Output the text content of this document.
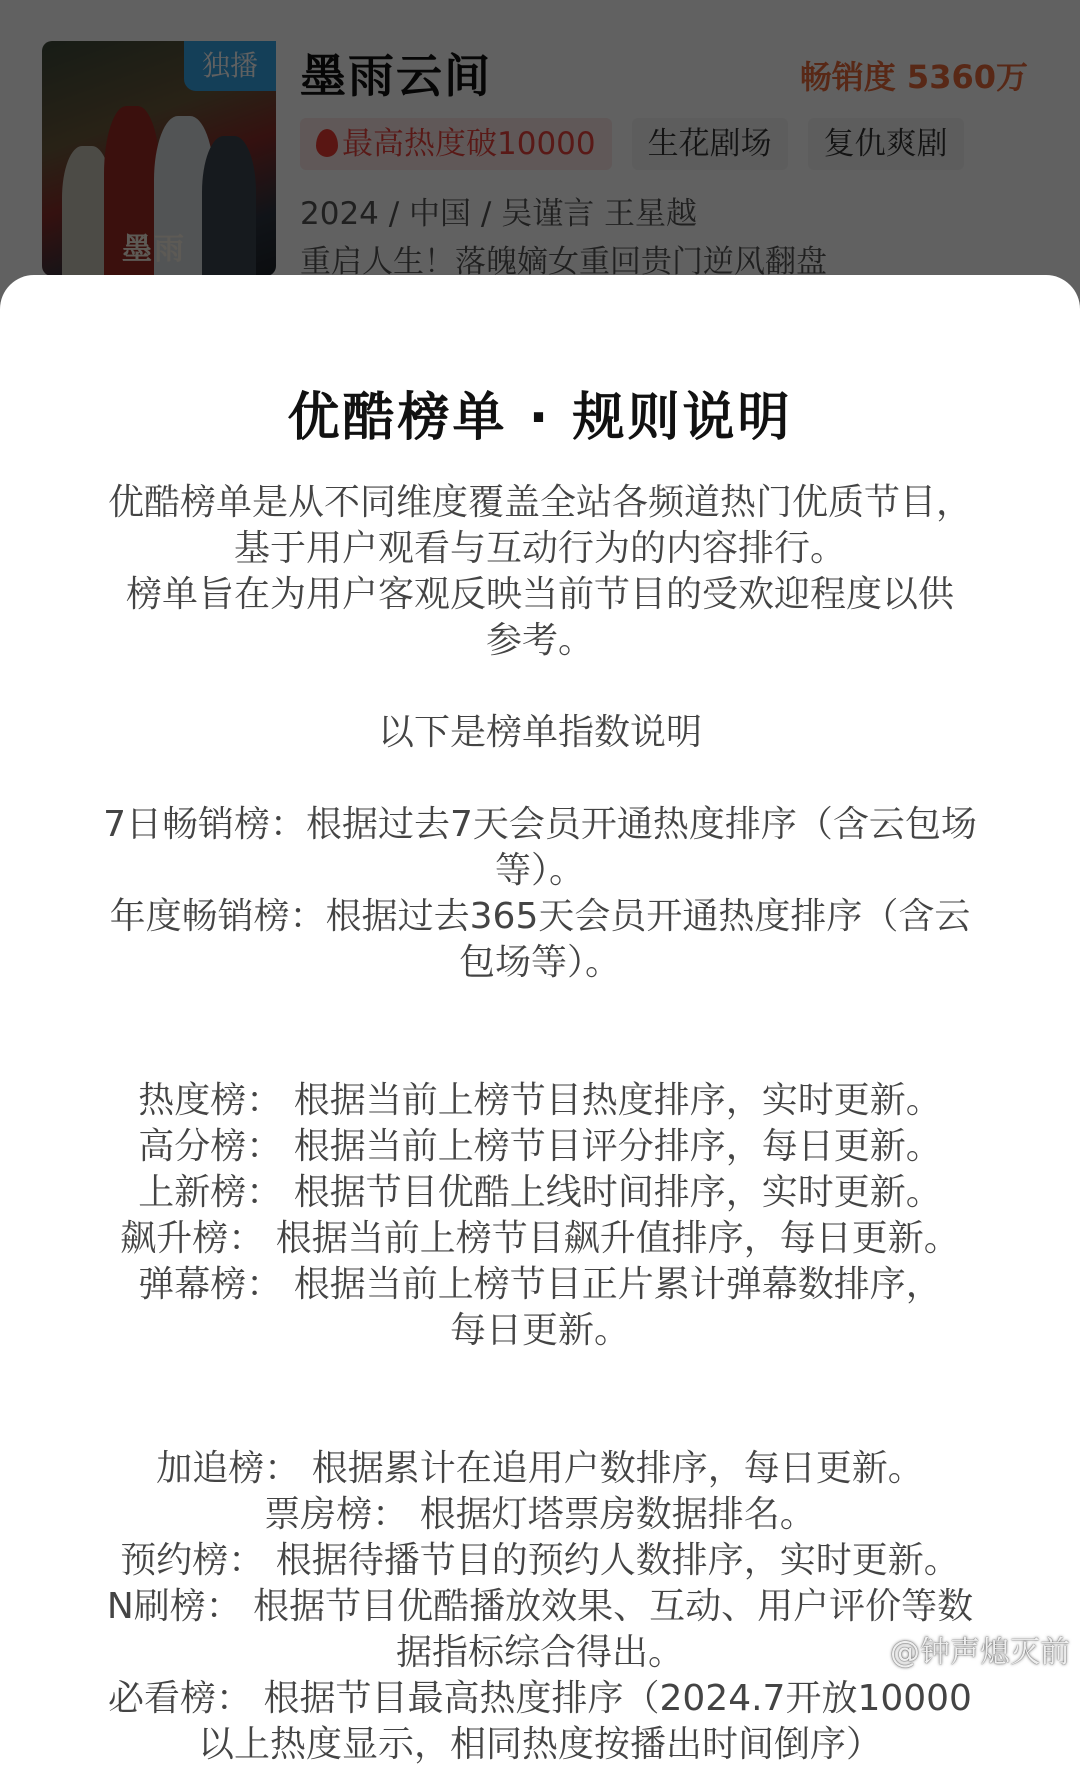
优酷榜单 · 规则说明

优酷榜单是从不同维度覆盖全站各频道热门优质节目，

基于用户观看与互动行为的内容排行。

榜单旨在为用户客观反映当前节目的受欢迎程度以供

参考。

以下是榜单指数说明

7日畅销榜：根据过去7天会员开通热度排序（含云包场

等）。

年度畅销榜：根据过去365天会员开通热度排序（含云

包场等）。

热度榜： 根据当前上榜节目热度排序，实时更新。

高分榜： 根据当前上榜节目评分排序，每日更新。

上新榜： 根据节目优酷上线时间排序，实时更新。

飙升榜： 根据当前上榜节目飙升值排序，每日更新。

弹幕榜： 根据当前上榜节目正片累计弹幕数排序，

每日更新。

加追榜： 根据累计在追用户数排序，每日更新。

票房榜： 根据灯塔票房数据排名。

预约榜： 根据待播节目的预约人数排序，实时更新。

N刷榜： 根据节目优酷播放效果、互动、用户评价等数

据指标综合得出。

必看榜： 根据节目最高热度排序（2024.7开放10000

以上热度显示，相同热度按播出时间倒序）

@钟声熄灭前
